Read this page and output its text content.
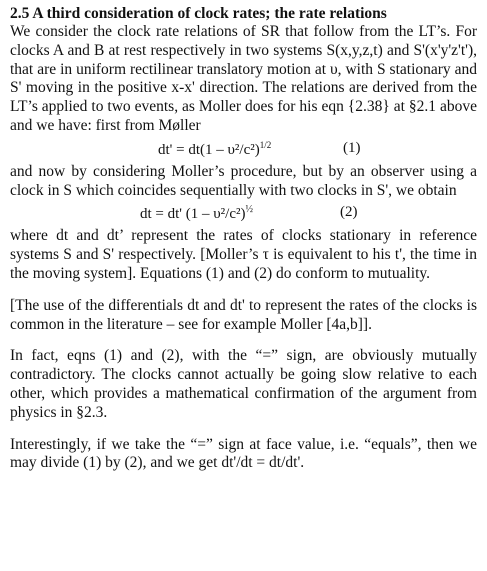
2.5 A third consideration of clock rates; the rate relations

We consider the clock rate relations of SR that follow from the LT’s. For clocks A and B at rest respectively in two systems S(x,y,z,t) and S'(x'y'z't'), that are in uniform rectilinear translatory motion at υ, with S stationary and S' moving in the positive x-x' direction. The relations are derived from the LT’s applied to two events, as Moller does for his eqn {2.38} at §2.1 above and we have: first from Møller

dt' = dt(1 – υ²/c²)$^{1/2}$	(1)

and now by considering Moller’s procedure, but by an observer using a clock in S which coincides sequentially with two clocks in S', we obtain

dt = dt' (1 – υ²/c²)$^{\frac{1}{2}}$	(2)

where dt and dt’ represent the rates of clocks stationary in reference systems S and S' respectively. [Moller’s τ is equivalent to his t', the time in the moving system]. Equations (1) and (2) do conform to mutuality.

[The use of the differentials dt and dt' to represent the rates of the clocks is common in the literature – see for example Moller [4a,b]].

In fact, eqns (1) and (2), with the “=” sign, are obviously mutually contradictory. The clocks cannot actually be going slow relative to each other, which provides a mathematical confirmation of the argument from physics in §2.3.

Interestingly, if we take the “=” sign at face value, i.e. “equals”, then we may divide (1) by (2), and we get dt'/dt = dt/dt'.
